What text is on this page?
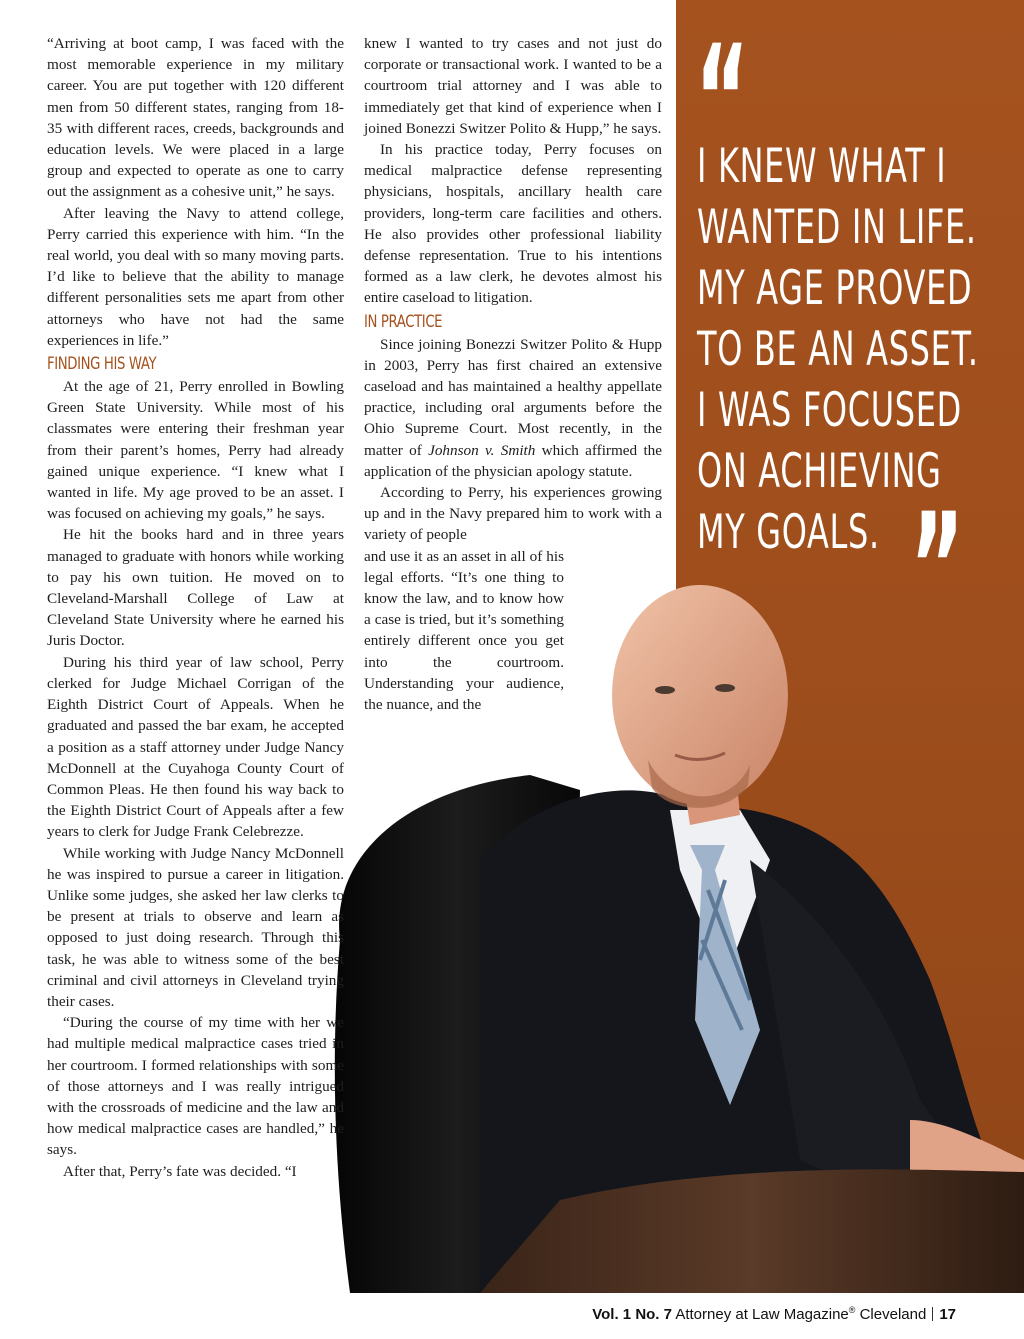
“
I KNEW WHAT I
WANTED IN LIFE.
MY AGE PROVED
TO BE AN ASSET.
I WAS FOCUSED
ON ACHIEVING
MY GOALS. ”

“Arriving at boot camp, I was faced with the most memorable experience in my military career. You are put together with 120 different men from 50 different states, ranging from 18-35 with different races, creeds, backgrounds and education levels. We were placed in a large group and expected to operate as one to carry out the assignment as a cohesive unit,” he says.

After leaving the Navy to attend college, Perry carried this experience with him. “In the real world, you deal with so many moving parts. I’d like to believe that the ability to manage different personalities sets me apart from other attorneys who have not had the same experiences in life.”

FINDING HIS WAY

At the age of 21, Perry enrolled in Bowling Green State University. While most of his classmates were entering their freshman year from their parent’s homes, Perry had already gained unique experience. “I knew what I wanted in life. My age proved to be an asset. I was focused on achieving my goals,” he says.

He hit the books hard and in three years managed to graduate with honors while working to pay his own tuition. He moved on to Cleveland-Marshall College of Law at Cleveland State University where he earned his Juris Doctor.

During his third year of law school, Perry clerked for Judge Michael Corrigan of the Eighth District Court of Appeals. When he graduated and passed the bar exam, he accepted a position as a staff attorney under Judge Nancy McDonnell at the Cuyahoga County Court of Common Pleas. He then found his way back to the Eighth District Court of Appeals after a few years to clerk for Judge Frank Celebrezze.

While working with Judge Nancy McDonnell he was inspired to pursue a career in litigation. Unlike some judges, she asked her law clerks to be present at trials to observe and learn as opposed to just doing research. Through this task, he was able to witness some of the best criminal and civil attorneys in Cleveland trying their cases.

“During the course of my time with her we had multiple medical malpractice cases tried in her courtroom. I formed relationships with some of those attorneys and I was really intrigued with the crossroads of medicine and the law and how medical malpractice cases are handled,” he says.

After that, Perry’s fate was decided. “I

knew I wanted to try cases and not just do corporate or transactional work. I wanted to be a courtroom trial attorney and I was able to immediately get that kind of experience when I joined Bonezzi Switzer Polito & Hupp,” he says.

In his practice today, Perry focuses on medical malpractice defense representing physicians, hospitals, ancillary health care providers, long-term care facilities and others. He also provides other professional liability defense representation. True to his intentions formed as a law clerk, he devotes almost his entire caseload to litigation.

IN PRACTICE

Since joining Bonezzi Switzer Polito & Hupp in 2003, Perry has first chaired an extensive caseload and has maintained a healthy appellate practice, including oral arguments before the Ohio Supreme Court. Most recently, in the matter of Johnson v. Smith which affirmed the application of the physician apology statute.

According to Perry, his experiences growing up and in the Navy prepared him to work with a variety of people

and use it as an asset in all of his legal efforts. “It’s one thing to know the law, and to know how a case is tried, but it’s something entirely different once you get into the courtroom. Understanding your audience, the nuance, and the

Vol. 1 No. 7 Attorney at Law Magazine® Cleveland 17
